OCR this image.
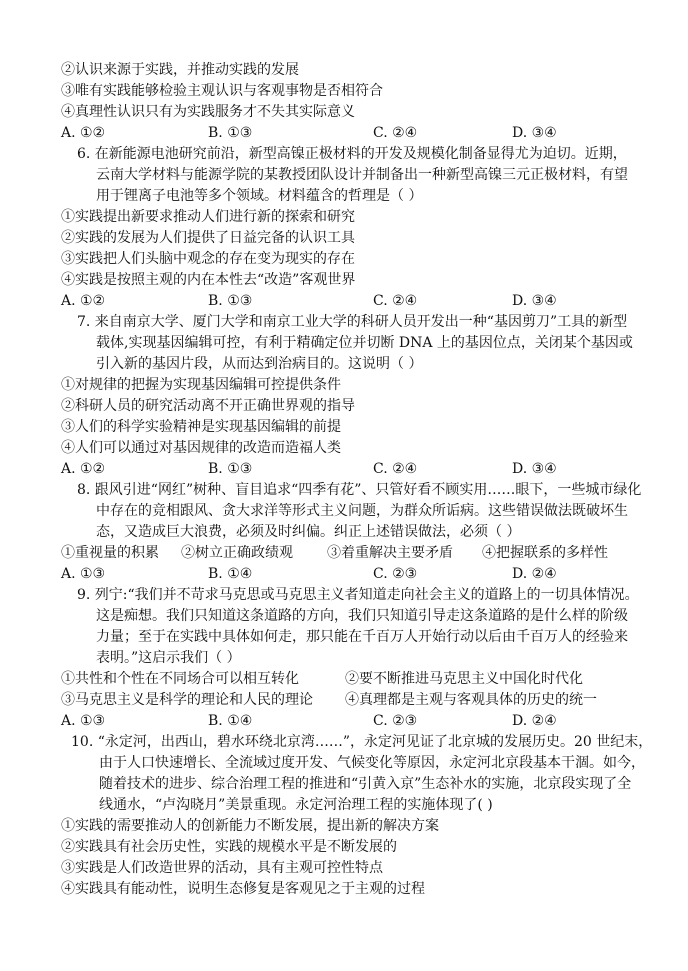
②认识来源于实践，并推动实践的发展
③唯有实践能够检验主观认识与客观事物是否相符合
④真理性认识只有为实践服务才不失其实际意义
A. ①②	B. ①③	C. ②④	D. ③④
6. 在新能源电池研究前沿，新型高镍正极材料的开发及规模化制备显得尤为迫切。近期，
云南大学材料与能源学院的某教授团队设计并制备出一种新型高镍三元正极材料，有望
用于锂离子电池等多个领域。材料蕴含的哲理是（ ）
①实践提出新要求推动人们进行新的探索和研究
②实践的发展为人们提供了日益完备的认识工具
③实践把人们头脑中观念的存在变为现实的存在
④实践是按照主观的内在本性去“改造”客观世界
A. ①②	B. ①③	C. ②④	D. ③④
7. 来自南京大学、厦门大学和南京工业大学的科研人员开发出一种“基因剪刀”工具的新型
载体,实现基因编辑可控，有利于精确定位并切断 DNA 上的基因位点，关闭某个基因或
引入新的基因片段，从而达到治病目的。这说明（ ）
①对规律的把握为实现基因编辑可控提供条件
②科研人员的研究活动离不开正确世界观的指导
③人们的科学实验精神是实现基因编辑的前提
④人们可以通过对基因规律的改造而造福人类
A. ①②	B. ①③	C. ②④	D. ③④
8. 跟风引进“网红”树种、盲目追求“四季有花”、只管好看不顾实用……眼下，一些城市绿化
中存在的竞相跟风、贪大求洋等形式主义问题，为群众所诟病。这些错误做法既破坏生
态，又造成巨大浪费，必须及时纠偏。纠正上述错误做法，必须（ ）
①重视量的积累 ②树立正确政绩观 ③着重解决主要矛盾 ④把握联系的多样性
A. ①③	B. ①④	C. ②③	D. ②④
9. 列宁:“我们并不苛求马克思或马克思主义者知道走向社会主义的道路上的一切具体情况。
这是痴想。我们只知道这条道路的方向，我们只知道引导走这条道路的是什么样的阶级
力量；至于在实践中具体如何走，那只能在千百万人开始行动以后由千百万人的经验来
表明。”这启示我们（ ）
①共性和个性在不同场合可以相互转化	②要不断推进马克思主义中国化时代化
③马克思主义是科学的理论和人民的理论 ④真理都是主观与客观具体的历史的统一
A. ①③	B. ①④	C. ②③	D. ②④
10. “永定河，出西山，碧水环绕北京湾……”，永定河见证了北京城的发展历史。20 世纪末，
由于人口快速增长、全流域过度开发、气候变化等原因，永定河北京段基本干涸。如今，
随着技术的进步、综合治理工程的推进和“引黄入京”生态补水的实施，北京段实现了全
线通水，“卢沟晓月”美景重现。永定河治理工程的实施体现了( )
①实践的需要推动人的创新能力不断发展，提出新的解决方案
②实践具有社会历史性，实践的规模水平是不断发展的
③实践是人们改造世界的活动，具有主观可控性特点
④实践具有能动性，说明生态修复是客观见之于主观的过程
